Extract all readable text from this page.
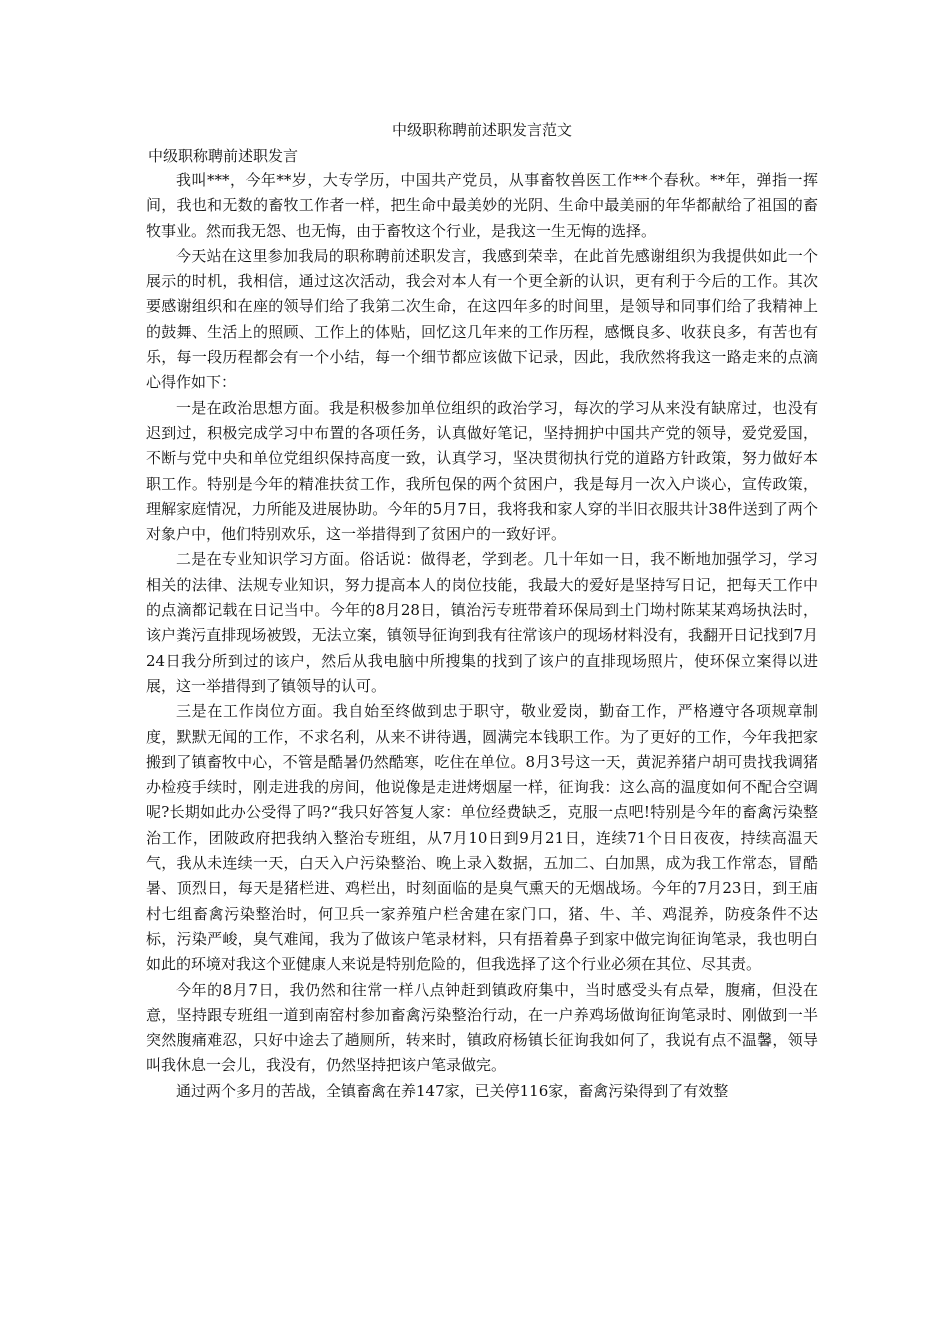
中级职称聘前述职发言范文
中级职称聘前述职发言

我叫***，今年**岁，大专学历，中国共产党员，从事畜牧兽医工作**个春秋。**年，弹指一挥间，我也和无数的畜牧工作者一样，把生命中最美妙的光阴、生命中最美丽的年华都献给了祖国的畜牧事业。然而我无怨、也无悔，由于畜牧这个行业，是我这一生无悔的选择。

今天站在这里参加我局的职称聘前述职发言，我感到荣幸，在此首先感谢组织为我提供如此一个展示的时机，我相信，通过这次活动，我会对本人有一个更全新的认识，更有利于今后的工作。其次要感谢组织和在座的领导们给了我第二次生命，在这四年多的时间里，是领导和同事们给了我精神上的鼓舞、生活上的照顾、工作上的体贴，回忆这几年来的工作历程，感慨良多、收获良多，有苦也有乐，每一段历程都会有一个小结，每一个细节都应该做下记录，因此，我欣然将我这一路走来的点滴心得作如下：

一是在政治思想方面。我是积极参加单位组织的政治学习，每次的学习从来没有缺席过，也没有迟到过，积极完成学习中布置的各项任务，认真做好笔记，坚持拥护中国共产党的领导，爱党爱国，不断与党中央和单位党组织保持高度一致，认真学习，坚决贯彻执行党的道路方针政策，努力做好本职工作。特别是今年的精准扶贫工作，我所包保的两个贫困户，我是每月一次入户谈心，宣传政策，理解家庭情况，力所能及进展协助。今年的5月7日，我将我和家人穿的半旧衣服共计38件送到了两个对象户中，他们特别欢乐，这一举措得到了贫困户的一致好评。

二是在专业知识学习方面。俗话说：做得老，学到老。几十年如一日，我不断地加强学习，学习相关的法律、法规专业知识，努力提高本人的岗位技能，我最大的爱好是坚持写日记，把每天工作中的点滴都记载在日记当中。今年的8月28日，镇治污专班带着环保局到土门坳村陈某某鸡场执法时，该户粪污直排现场被毁，无法立案，镇领导征询到我有往常该户的现场材料没有，我翻开日记找到7月24日我分所到过的该户，然后从我电脑中所搜集的找到了该户的直排现场照片，使环保立案得以进展，这一举措得到了镇领导的认可。

三是在工作岗位方面。我自始至终做到忠于职守，敬业爱岗，勤奋工作，严格遵守各项规章制度，默默无闻的工作，不求名利，从来不讲待遇，圆满完本钱职工作。为了更好的工作，今年我把家搬到了镇畜牧中心，不管是酷暑仍然酷寒，吃住在单位。8月3号这一天，黄泥养猪户胡可贵找我调猪办检疫手续时，刚走进我的房间，他说像是走进烤烟屋一样，征询我：这么高的温度如何不配合空调呢?长期如此办公受得了吗?“我只好答复人家：单位经费缺乏，克服一点吧!特别是今年的畜禽污染整治工作，团陂政府把我纳入整治专班组，从7月10日到9月21日，连续71个日日夜夜，持续高温天气，我从未连续一天，白天入户污染整治、晚上录入数据，五加二、白加黑，成为我工作常态，冒酷暑、顶烈日，每天是猪栏进、鸡栏出，时刻面临的是臭气熏天的无烟战场。今年的7月23日，到王庙村七组畜禽污染整治时，何卫兵一家养殖户栏舍建在家门口，猪、牛、羊、鸡混养，防疫条件不达标，污染严峻，臭气难闻，我为了做该户笔录材料，只有捂着鼻子到家中做完询征询笔录，我也明白如此的环境对我这个亚健康人来说是特别危险的，但我选择了这个行业必须在其位、尽其责。

今年的8月7日，我仍然和往常一样八点钟赶到镇政府集中，当时感受头有点晕，腹痛，但没在意，坚持跟专班组一道到南窑村参加畜禽污染整治行动，在一户养鸡场做询征询笔录时、刚做到一半突然腹痛难忍，只好中途去了趟厕所，转来时，镇政府杨镇长征询我如何了，我说有点不温馨，领导叫我休息一会儿，我没有，仍然坚持把该户笔录做完。

通过两个多月的苦战，全镇畜禽在养147家，已关停116家，畜禽污染得到了有效整
